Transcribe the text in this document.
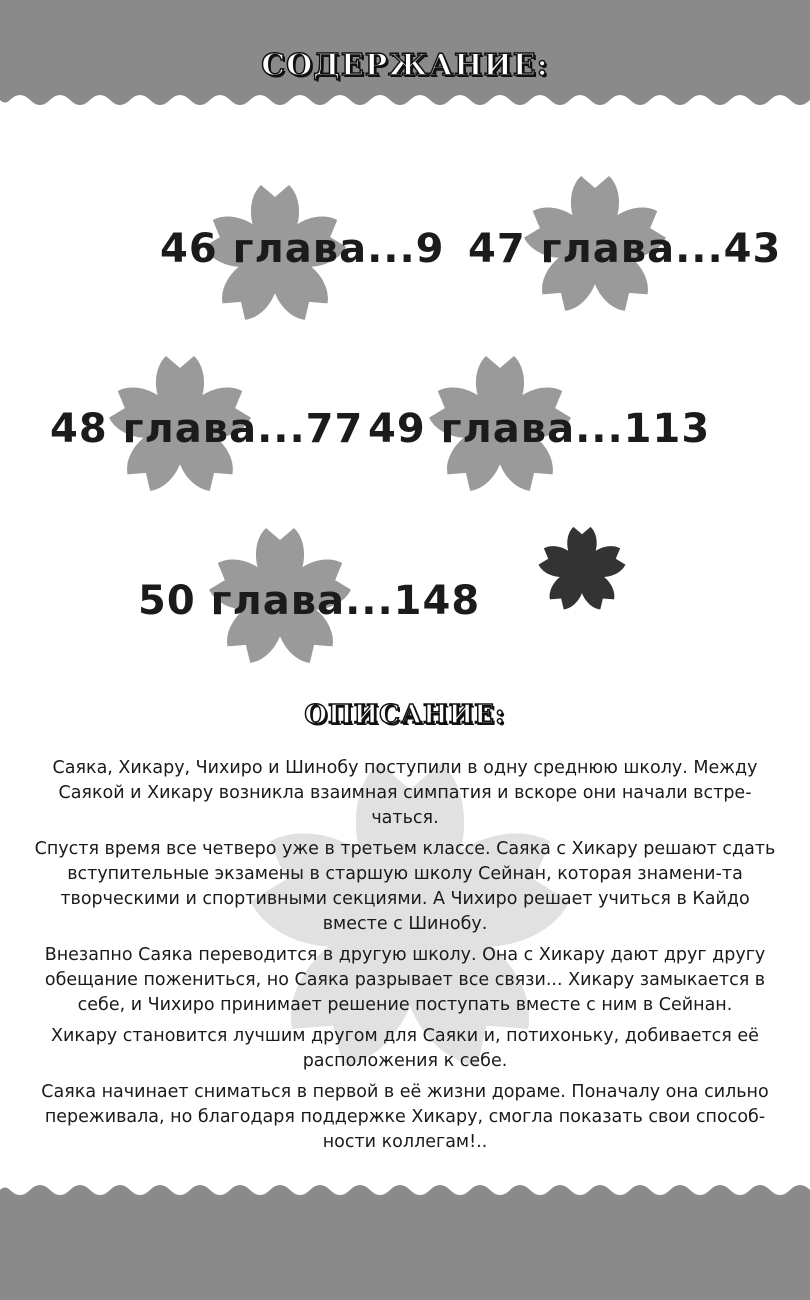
СОДЕРЖАНИЕ:
46 глава...9 47 глава...43
48 глава...77 49 глава...113
50 глава...148
ОПИСАНИЕ:

Саяка, Хикару, Чихиро и Шинобу поступили в одну среднюю школу. Между Саякой и Хикару возникла взаимная симпатия и вскоре они начали встре-чаться.

Спустя время все четверо уже в третьем классе. Саяка с Хикару решают сдать вступительные экзамены в старшую школу Сейнан, которая знамени-та творческими и спортивными секциями. А Чихиро решает учиться в Кайдо вместе с Шинобу.

Внезапно Саяка переводится в другую школу. Она с Хикару дают друг другу обещание пожениться, но Саяка разрывает все связи... Хикару замыкается в себе, и Чихиро принимает решение поступать вместе с ним в Сейнан.

Хикару становится лучшим другом для Саяки и, потихоньку, добивается её расположения к себе.

Саяка начинает сниматься в первой в её жизни дораме. Поначалу она сильно переживала, но благодаря поддержке Хикару, смогла показать свои способ-ности коллегам!..
